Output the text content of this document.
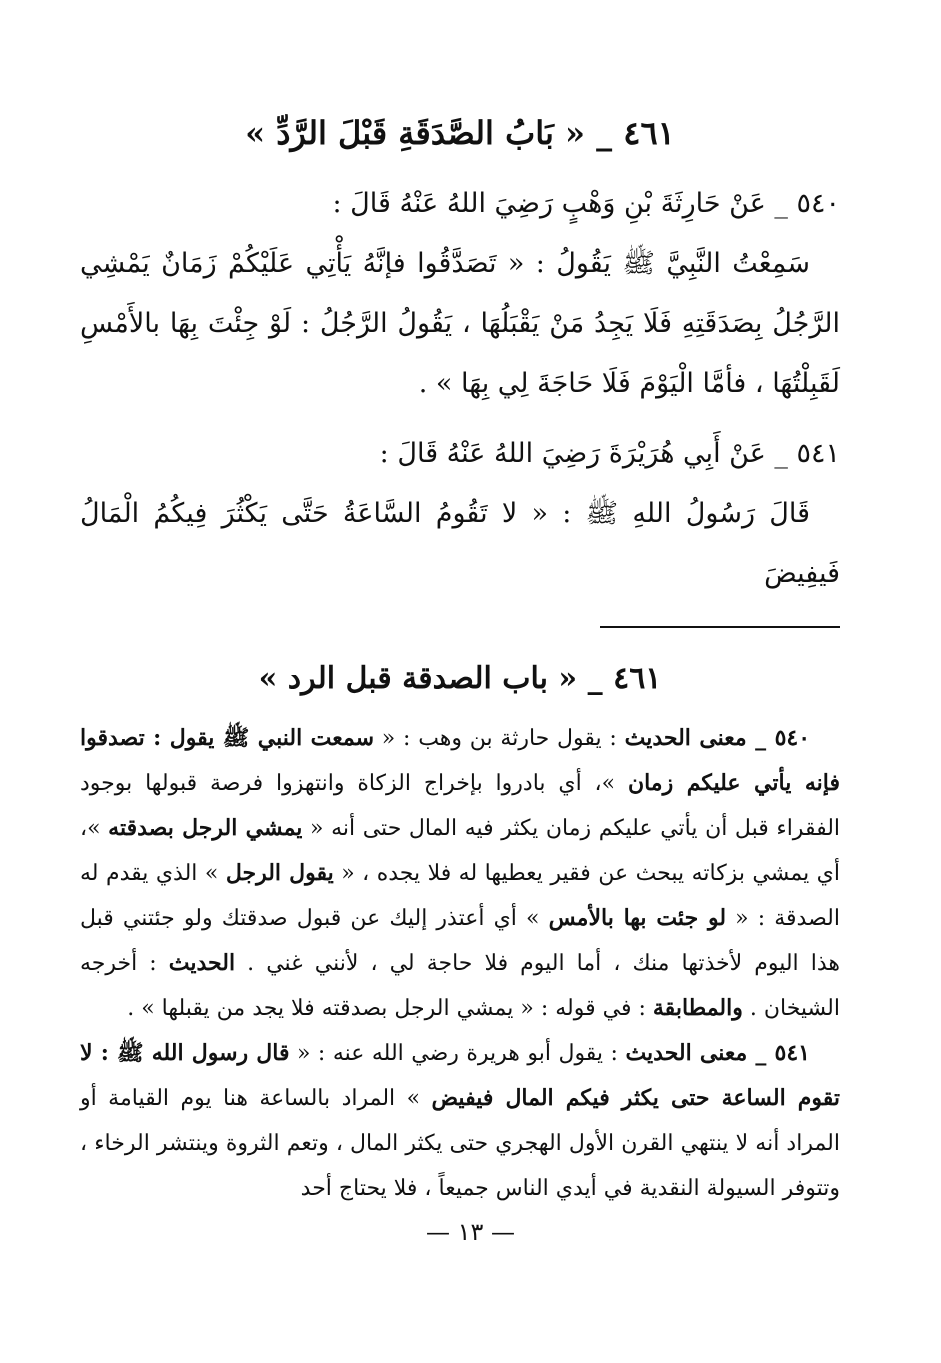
٤٦١ _ « بَابُ الصَّدَقَةِ قَبْلَ الرَّدِّ »

٥٤٠ _ عَنْ حَارِثَةَ بْنِ وَهْبٍ رَضِيَ اللهُ عَنْهُ قَالَ :

سَمِعْتُ النَّبِيَّ ﷺ يَقُولُ : « تَصَدَّقُوا فإنَّهُ يَأْتِي عَلَيْكُمْ زَمَانٌ يَمْشِي الرَّجُلُ بِصَدَقَتِهِ فَلَا يَجِدُ مَنْ يَقْبَلُهَا ، يَقُولُ الرَّجُلُ : لَوْ جِئْتَ بِهَا بالأَمْسِ لَقَبِلْتُهَا ، فأمَّا الْيَوْمَ فَلَا حَاجَةَ لِي بِهَا » .

٥٤١ _ عَنْ أَبِي هُرَيْرَةَ رَضِيَ اللهُ عَنْهُ قَالَ :

قَالَ رَسُولُ اللهِ ﷺ : « لا تَقُومُ السَّاعَةُ حَتَّى يَكْثُرَ فِيكُمُ الْمَالُ فَيفِيضَ

٤٦١ _ « باب الصدقة قبل الرد »

٥٤٠ _ معنى الحديث : يقول حارثة بن وهب : « سمعت النبي ﷺ يقول : تصدقوا فإنه يأتي عليكم زمان »، أي بادروا بإخراج الزكاة وانتهزوا فرصة قبولها بوجود الفقراء قبل أن يأتي عليكم زمان يكثر فيه المال حتى أنه « يمشي الرجل بصدقته »، أي يمشي بزكاته يبحث عن فقير يعطيها له فلا يجده ، « يقول الرجل » الذي يقدم له الصدقة : « لو جئت بها بالأمس » أي أعتذر إليك عن قبول صدقتك ولو جئتني قبل هذا اليوم لأخذتها منك ، أما اليوم فلا حاجة لي ، لأنني غني . الحديث : أخرجه الشيخان . والمطابقة : في قوله : « يمشي الرجل بصدقته فلا يجد من يقبلها » .

٥٤١ _ معنى الحديث : يقول أبو هريرة رضي الله عنه : « قال رسول الله ﷺ : لا تقوم الساعة حتى يكثر فيكم المال فيفيض » المراد بالساعة هنا يوم القيامة أو المراد أنه لا ينتهي القرن الأول الهجري حتى يكثر المال ، وتعم الثروة وينتشر الرخاء ، وتتوفر السيولة النقدية في أيدي الناس جميعاً ، فلا يحتاج أحد

— ١٣ —
